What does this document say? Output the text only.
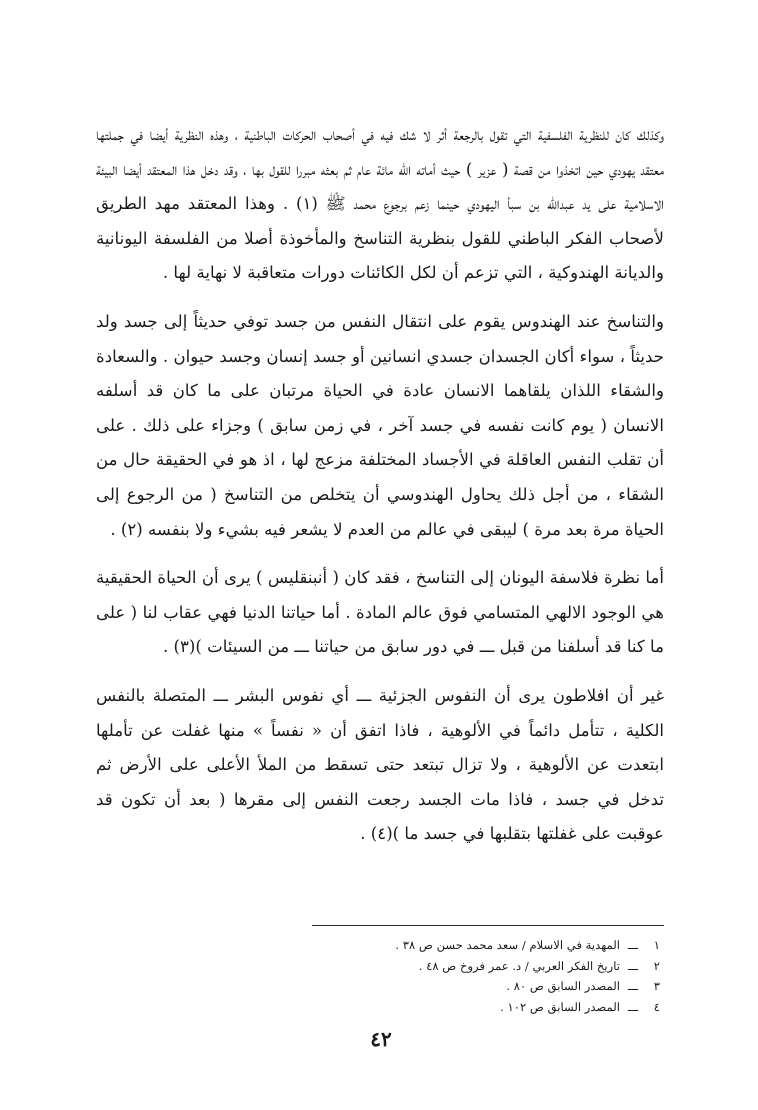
وكذلك كان للنظرية الفلسفية التي تقول بالرجعة أثر لا شك فيه في أصحاب الحركات الباطنية ، وهذه النظرية أيضا في جملتها معتقد يهودي حين اتخذوا من قصة ( عزير ) حيث أماته الله مائة عام ثم بعثه مبررا للقول بها ، وقد دخل هذا المعتقد أيضا البيئة الاسلامية على يد عبدالله بن سبأ اليهودي حينما زعم برجوع محمد ﷺ (١) . وهذا المعتقد مهد الطريق لأصحاب الفكر الباطني للقول بنظرية التناسخ والمأخوذة أصلا من الفلسفة اليونانية والديانة الهندوكية ، التي تزعم أن لكل الكائنات دورات متعاقبة لا نهاية لها .

والتناسخ عند الهندوس يقوم على انتقال النفس من جسد توفي حديثاً إلى جسد ولد حديثاً ، سواء أكان الجسدان جسدي انسانين أو جسد إنسان وجسد حيوان . والسعادة والشقاء اللذان يلقاهما الانسان عادة في الحياة مرتبان على ما كان قد أسلفه الانسان ( يوم كانت نفسه في جسد آخر ، في زمن سابق ) وجزاء على ذلك . على أن تقلب النفس العاقلة في الأجساد المختلفة مزعج لها ، اذ هو في الحقيقة حال من الشقاء ، من أجل ذلك يحاول الهندوسي أن يتخلص من التناسخ ( من الرجوع إلى الحياة مرة بعد مرة ) ليبقى في عالم من العدم لا يشعر فيه بشيء ولا بنفسه (٢) .

أما نظرة فلاسفة اليونان إلى التناسخ ، فقد كان ( أنبنقليس ) يرى أن الحياة الحقيقية هي الوجود الالهي المتسامي فوق عالم المادة . أما حياتنا الدنيا فهي عقاب لنا ( على ما كنا قد أسلفنا من قبل ـــ في دور سابق من حياتنا ـــ من السيئات )(٣) .

غير أن افلاطون يرى أن النفوس الجزئية ـــ أي نفوس البشر ـــ المتصلة بالنفس الكلية ، تتأمل دائماً في الألوهية ، فاذا اتفق أن « نفساً » منها غفلت عن تأملها ابتعدت عن الألوهية ، ولا تزال تبتعد حتى تسقط من الملأ الأعلى على الأرض ثم تدخل في جسد ، فاذا مات الجسد رجعت النفس إلى مقرها ( بعد أن تكون قد عوقبت على غفلتها بتقلبها في جسد ما )(٤) .

١
ـــ
المهدية في الاسلام / سعد محمد حسن ص ٣٨ .
٢
ـــ
تاريخ الفكر العربي / د. عمر فروخ ص ٤٨ .
٣
ـــ
المصدر السابق ص ٨٠ .
٤
ـــ
المصدر السابق ص ١٠٢ .
٤٢
